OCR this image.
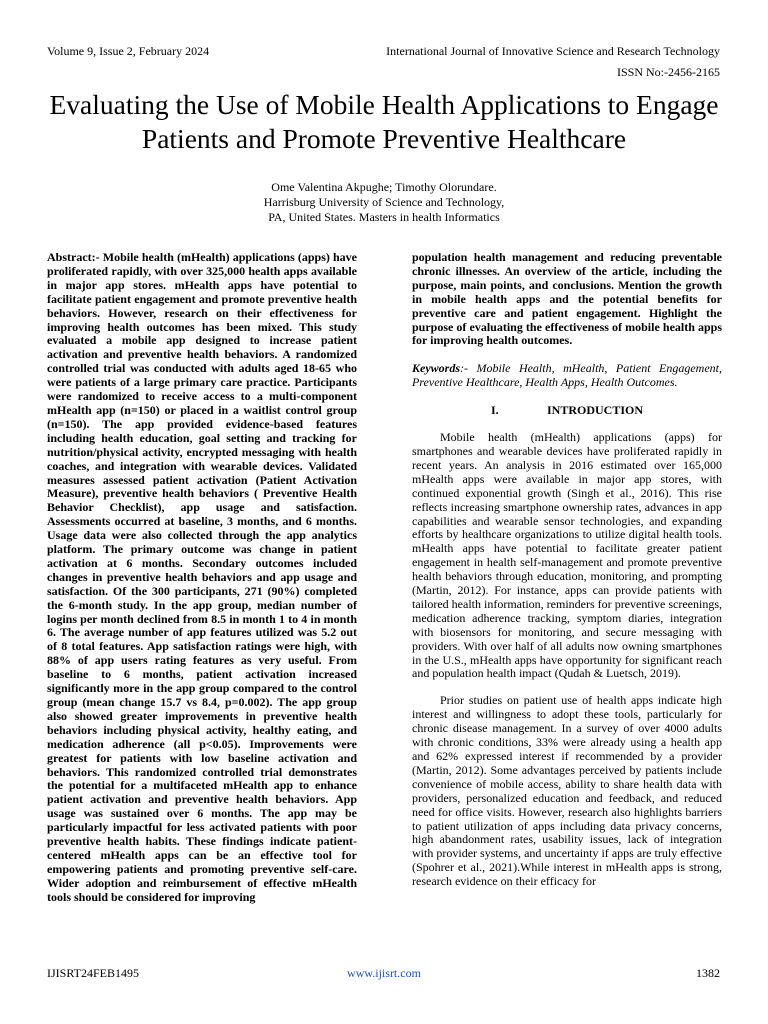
Volume 9, Issue 2, February 2024	International Journal of Innovative Science and Research Technology
ISSN No:-2456-2165
Evaluating the Use of Mobile Health Applications to Engage Patients and Promote Preventive Healthcare
Ome Valentina Akpughe; Timothy Olorundare.
Harrisburg University of Science and Technology,
PA, United States. Masters in health Informatics
Abstract:- Mobile health (mHealth) applications (apps) have proliferated rapidly, with over 325,000 health apps available in major app stores. mHealth apps have potential to facilitate patient engagement and promote preventive health behaviors. However, research on their effectiveness for improving health outcomes has been mixed. This study evaluated a mobile app designed to increase patient activation and preventive health behaviors. A randomized controlled trial was conducted with adults aged 18-65 who were patients of a large primary care practice. Participants were randomized to receive access to a multi-component mHealth app (n=150) or placed in a waitlist control group (n=150). The app provided evidence-based features including health education, goal setting and tracking for nutrition/physical activity, encrypted messaging with health coaches, and integration with wearable devices. Validated measures assessed patient activation (Patient Activation Measure), preventive health behaviors ( Preventive Health Behavior Checklist), app usage and satisfaction. Assessments occurred at baseline, 3 months, and 6 months. Usage data were also collected through the app analytics platform. The primary outcome was change in patient activation at 6 months. Secondary outcomes included changes in preventive health behaviors and app usage and satisfaction. Of the 300 participants, 271 (90%) completed the 6-month study. In the app group, median number of logins per month declined from 8.5 in month 1 to 4 in month 6. The average number of app features utilized was 5.2 out of 8 total features. App satisfaction ratings were high, with 88% of app users rating features as very useful. From baseline to 6 months, patient activation increased significantly more in the app group compared to the control group (mean change 15.7 vs 8.4, p=0.002). The app group also showed greater improvements in preventive health behaviors including physical activity, healthy eating, and medication adherence (all p<0.05). Improvements were greatest for patients with low baseline activation and behaviors. This randomized controlled trial demonstrates the potential for a multifaceted mHealth app to enhance patient activation and preventive health behaviors. App usage was sustained over 6 months. The app may be particularly impactful for less activated patients with poor preventive health habits. These findings indicate patient-centered mHealth apps can be an effective tool for empowering patients and promoting preventive self-care. Wider adoption and reimbursement of effective mHealth tools should be considered for improving
population health management and reducing preventable chronic illnesses. An overview of the article, including the purpose, main points, and conclusions. Mention the growth in mobile health apps and the potential benefits for preventive care and patient engagement. Highlight the purpose of evaluating the effectiveness of mobile health apps for improving health outcomes.
Keywords:- Mobile Health, mHealth, Patient Engagement, Preventive Healthcare, Health Apps, Health Outcomes.
I.	INTRODUCTION

Mobile health (mHealth) applications (apps) for smartphones and wearable devices have proliferated rapidly in recent years. An analysis in 2016 estimated over 165,000 mHealth apps were available in major app stores, with continued exponential growth (Singh et al., 2016). This rise reflects increasing smartphone ownership rates, advances in app capabilities and wearable sensor technologies, and expanding efforts by healthcare organizations to utilize digital health tools. mHealth apps have potential to facilitate greater patient engagement in health self-management and promote preventive health behaviors through education, monitoring, and prompting (Martin, 2012). For instance, apps can provide patients with tailored health information, reminders for preventive screenings, medication adherence tracking, symptom diaries, integration with biosensors for monitoring, and secure messaging with providers. With over half of all adults now owning smartphones in the U.S., mHealth apps have opportunity for significant reach and population health impact (Qudah & Luetsch, 2019).

Prior studies on patient use of health apps indicate high interest and willingness to adopt these tools, particularly for chronic disease management. In a survey of over 4000 adults with chronic conditions, 33% were already using a health app and 62% expressed interest if recommended by a provider (Martin, 2012). Some advantages perceived by patients include convenience of mobile access, ability to share health data with providers, personalized education and feedback, and reduced need for office visits. However, research also highlights barriers to patient utilization of apps including data privacy concerns, high abandonment rates, usability issues, lack of integration with provider systems, and uncertainty if apps are truly effective (Spohrer et al., 2021).While interest in mHealth apps is strong, research evidence on their efficacy for

IJISRT24FEB1495	www.ijisrt.com	1382
